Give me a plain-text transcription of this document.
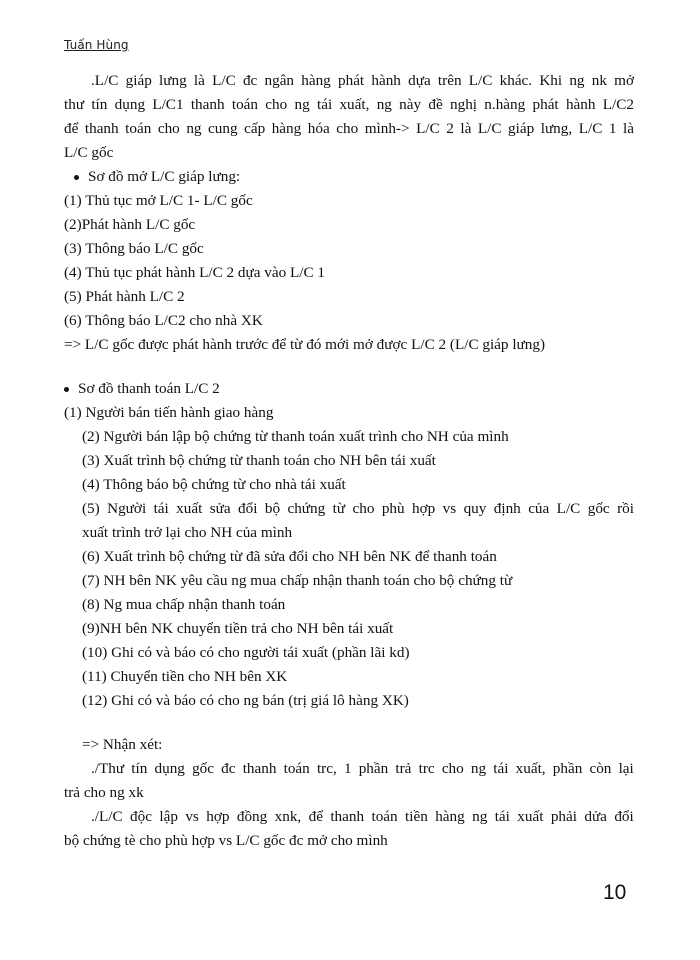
Tuấn Hùng
.L/C giáp lưng là L/C đc ngân hàng phát hành dựa trên L/C khác. Khi ng nk mở
thư tín dụng L/C1 thanh toán cho ng tái xuất, ng này đề nghị n.hàng phát hành L/C2
để thanh toán cho ng cung cấp hàng hóa cho mình-> L/C 2 là L/C giáp lưng, L/C 1 là
L/C gốc
Sơ đồ mở L/C giáp lưng:
(1) Thủ tục mở L/C 1- L/C gốc
(2)Phát hành L/C gốc
(3) Thông báo L/C gốc
(4) Thủ tục phát hành L/C 2 dựa vào L/C 1
(5) Phát hành L/C 2
(6) Thông báo L/C2 cho nhà XK
=> L/C gốc được phát hành trước để từ đó mới mở được L/C 2 (L/C giáp lưng)
Sơ đồ thanh toán L/C 2
(1) Người bán tiến hành giao hàng
(2) Người bán lập bộ chứng từ thanh toán xuất trình cho NH của mình
(3) Xuất trình bộ chứng từ thanh toán cho NH bên tái xuất
(4) Thông báo bộ chứng từ cho nhà tái xuất
(5) Người tái xuất sửa đổi bộ chứng từ cho phù hợp vs quy định của L/C gốc rồi
xuất trình trở lại cho NH của mình
(6) Xuất trình bộ chứng từ đã sửa đổi cho NH bên NK để thanh toán
(7) NH bên NK yêu cầu ng mua chấp nhận thanh toán cho bộ chứng từ
(8) Ng mua chấp nhận thanh toán
(9)NH bên NK chuyển tiền trả cho NH bên tái xuất
(10) Ghi có và báo có cho người tái xuất (phần lãi kd)
(11) Chuyển tiền cho NH bên XK
(12) Ghi có và báo có cho ng bán (trị giá lô hàng XK)
=> Nhận xét:
./Thư tín dụng gốc đc thanh toán trc, 1 phần trả trc cho ng tái xuất, phần còn lại
trả cho ng xk
./L/C độc lập vs hợp đồng xnk, để thanh toán tiền hàng ng tái xuất phải dửa đổi
bộ chứng tè cho phù hợp vs L/C gốc đc mở cho mình
10
